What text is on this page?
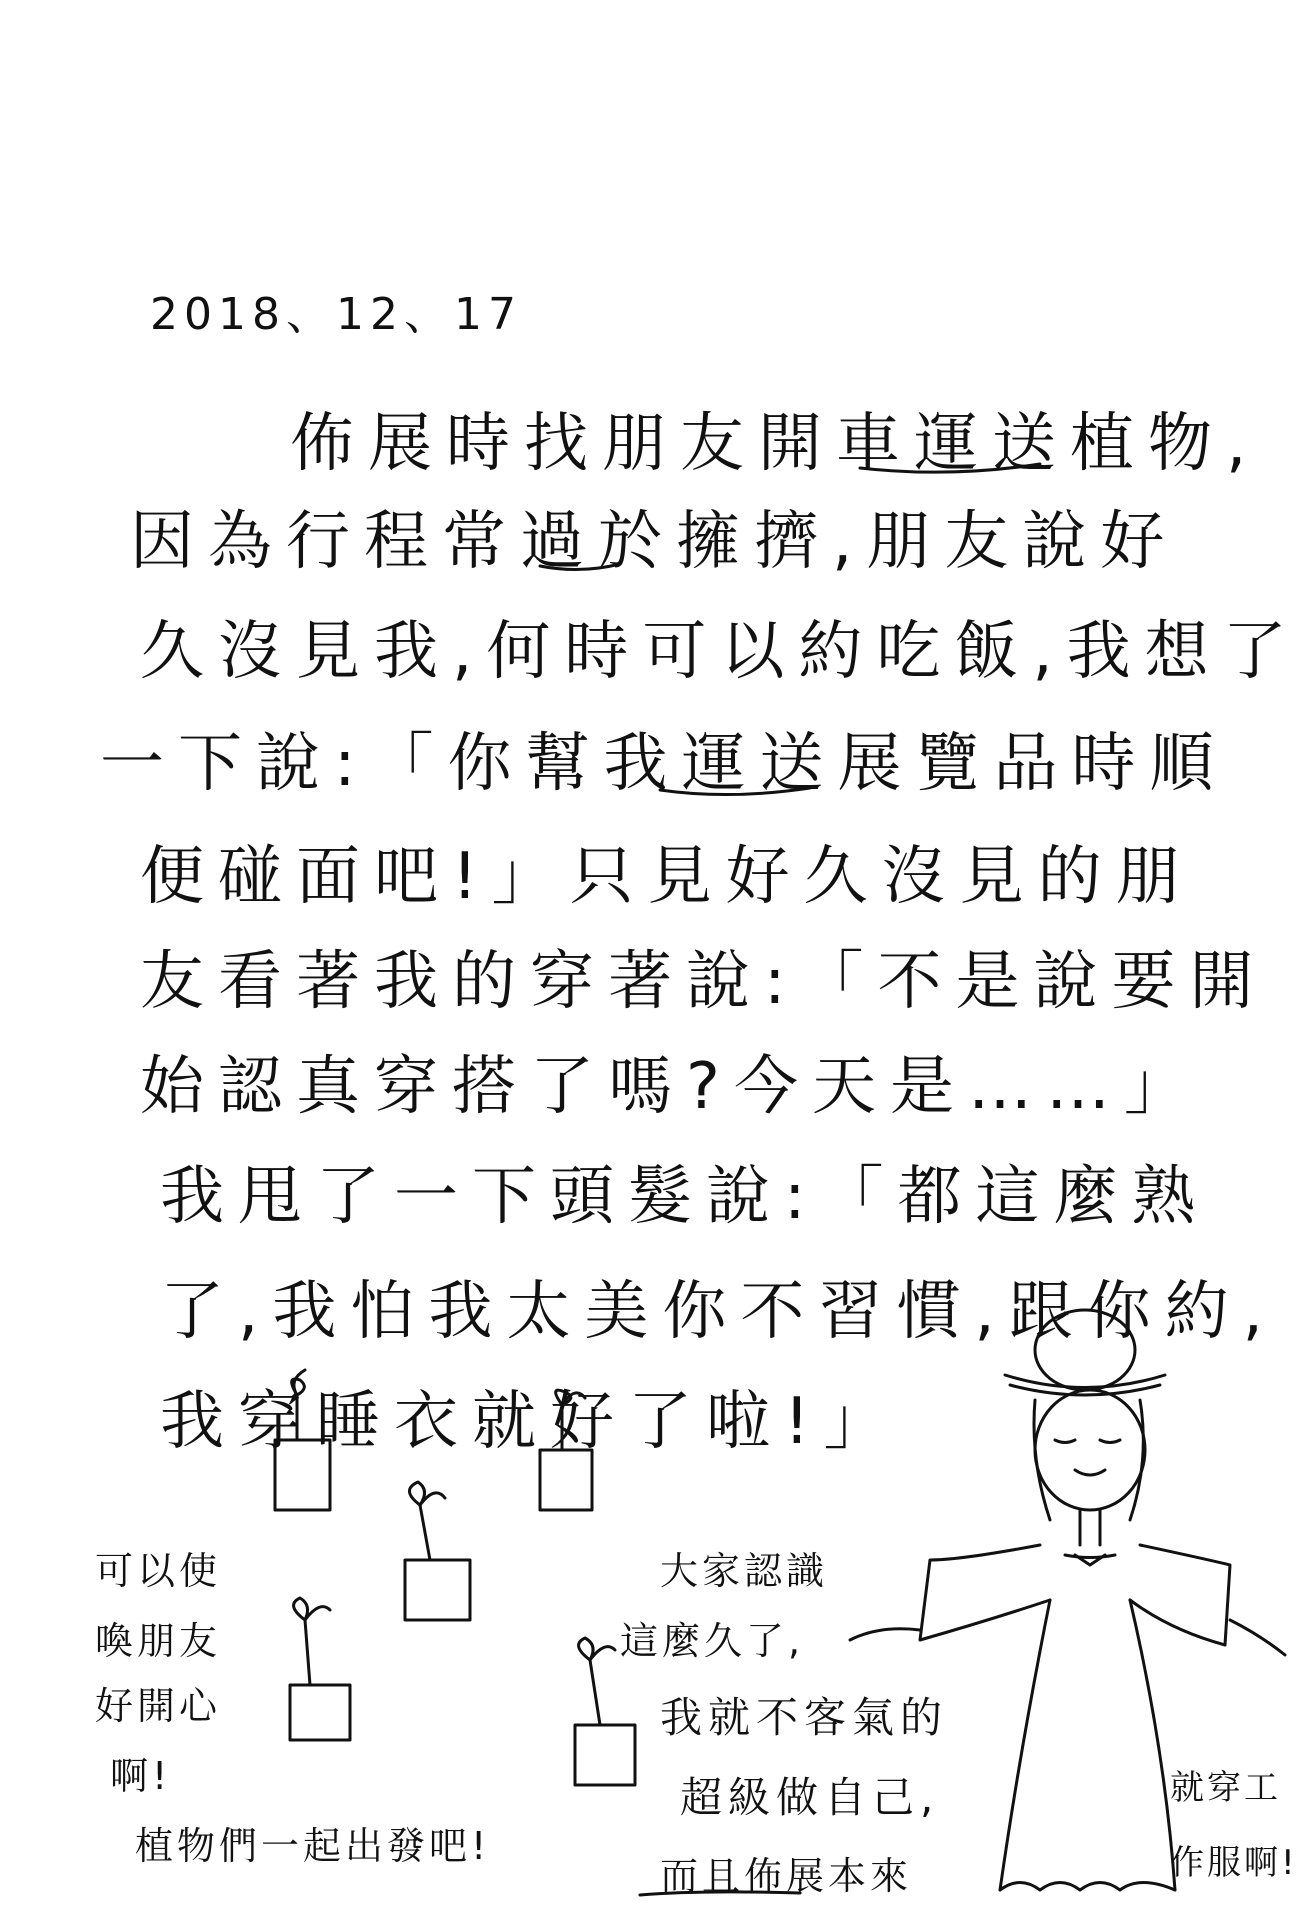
2018、12、17
佈展時找朋友開車運送植物,
因為行程常過於擁擠,朋友說好
久沒見我,何時可以約吃飯,我想了
一下說:「你幫我運送展覽品時順
便碰面吧!」只見好久沒見的朋
友看著我的穿著說:「不是說要開
始認真穿搭了嗎?今天是……」
我甩了一下頭髮說:「都這麼熟
了,我怕我太美你不習慣,跟你約,
我穿睡衣就好了啦!」
可以使
喚朋友
好開心
啊!
植物們一起出發吧!
大家認識
這麼久了,
我就不客氣的
超級做自己,
而且佈展本來
就穿工
作服啊!
